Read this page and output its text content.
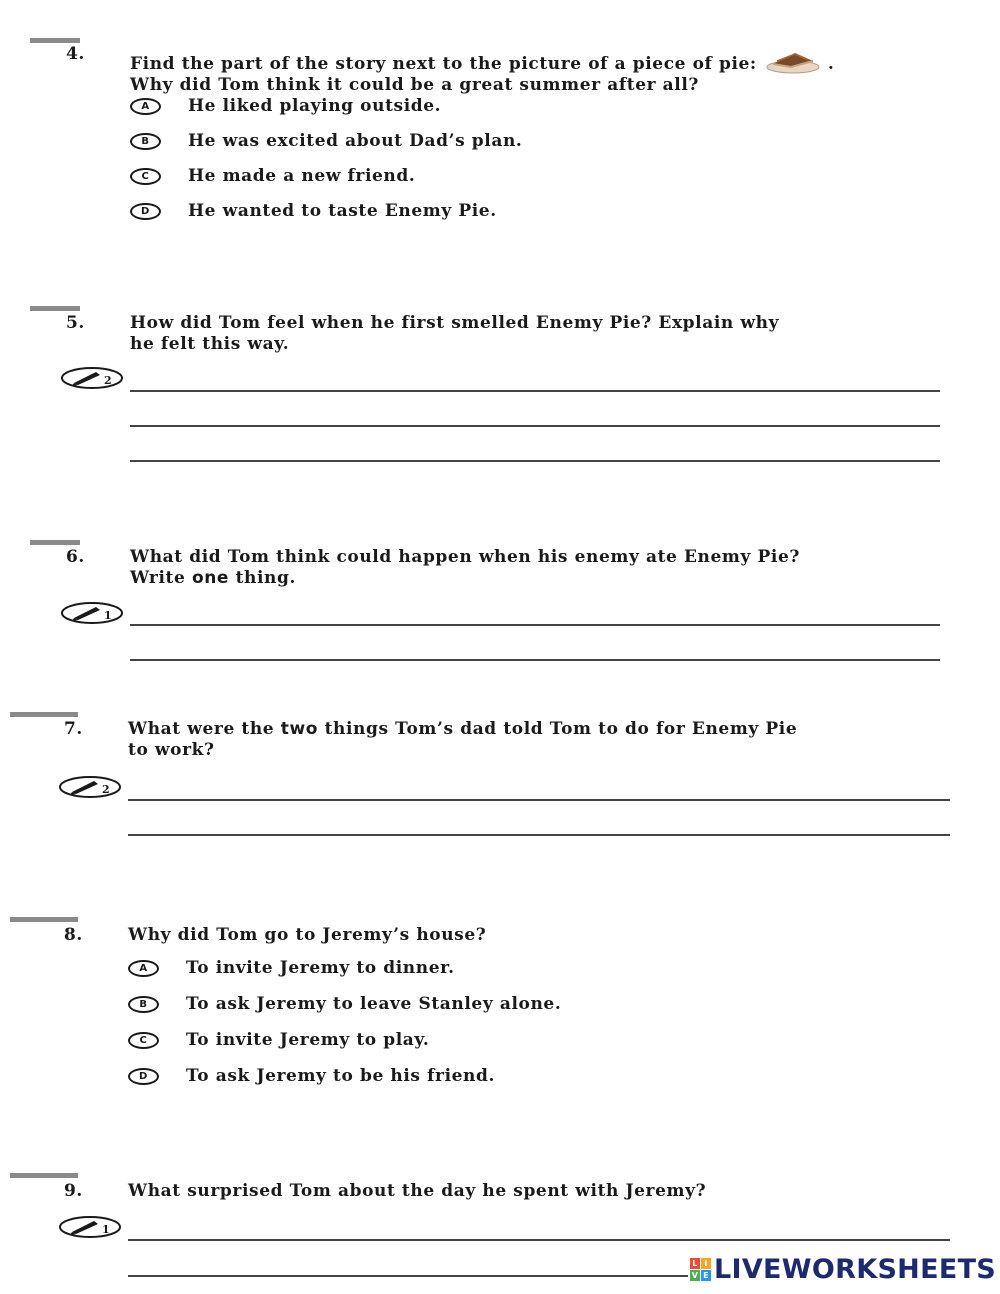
4.	Find the part of the story next to the picture of a piece of pie:	.
Why did Tom think it could be a great summer after all?
A	He liked playing outside.
B	He was excited about Dad’s plan.
C	He made a new friend.
D	He wanted to taste Enemy Pie.
5.	How did Tom feel when he first smelled Enemy Pie? Explain why
he felt this way.
2
6.	What did Tom think could happen when his enemy ate Enemy Pie?
Write one thing.
1
7.	What were the two things Tom’s dad told Tom to do for Enemy Pie
to work?
2
8.	Why did Tom go to Jeremy’s house?
A	To invite Jeremy to dinner.
B	To ask Jeremy to leave Stanley alone.
C	To invite Jeremy to play.
D	To ask Jeremy to be his friend.
9.	What surprised Tom about the day he spent with Jeremy?
1
L I
V E LIVEWORKSHEETS
